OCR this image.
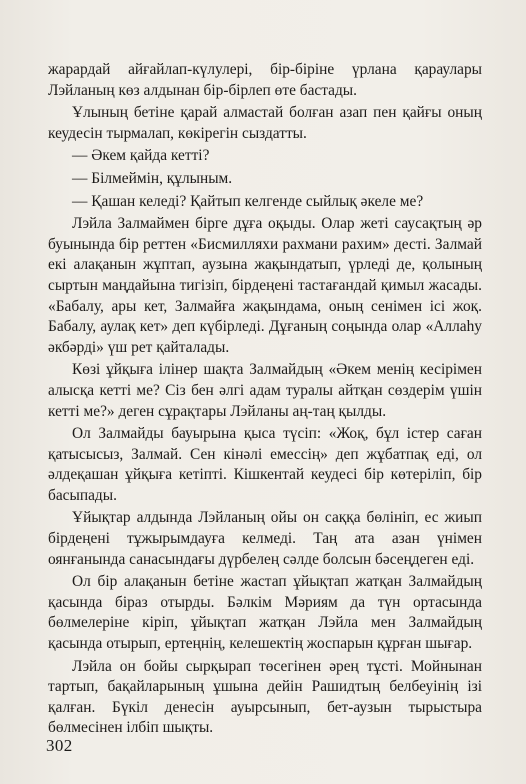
жарардай айғайлап-күлулері, бір-біріне үрлана қараулары Лэйланың көз алдынан бір-бірлеп өте бастады.

Ұлының бетіне қарай алмастай болған азап пен қайғы оның кеудесін тырмалап, көкірегін сыздатты.

— Әкем қайда кетті?

— Білмеймін, құлыным.

— Қашан келеді? Қайтып келгенде сыйлық әкеле ме?

Лэйла Залмаймен бірге дұға оқыды. Олар жеті саусақтың әр буынында бір реттен «Бисмилляхи рахмани рахим» десті. Залмай екі алақанын жұптап, аузына жақындатып, үрледі де, қолының сыртын маңдайына тигізіп, бірдеңені тастағандай қимыл жасады. «Бабалу, ары кет, Залмайға жақындама, оның сенімен ісі жоқ. Бабалу, аулақ кет» деп күбірледі. Дұғаның соңында олар «Аллаһу әкбәрді» үш рет қайталады.

Көзі ұйқыға ілінер шақта Залмайдың «Әкем менің кесірімен алысқа кетті ме? Сіз бен әлгі адам туралы айтқан сөздерім үшін кетті ме?» деген сұрақтары Лэйланы аң-таң қылды.

Ол Залмайды бауырына қыса түсіп: «Жоқ, бұл істер саған қатысысыз, Залмай. Сен кінәлі емессің» деп жұбатпақ еді, ол әлдеқашан ұйқыға кетіпті. Кішкентай кеудесі бір көтеріліп, бір басыпады.

Ұйықтар алдында Лэйланың ойы он саққа бөлініп, ес жиып бірдеңені тұжырымдауға келмеді. Таң ата азан үнімен оянғанында санасындағы дүрбелең сәлде болсын бәсеңдеген еді.

Ол бір алақанын бетіне жастап ұйықтап жатқан Залмайдың қасында біраз отырды. Бәлкім Мәриям да түн ортасында бөлмелеріне кіріп, ұйықтап жатқан Лэйла мен Залмайдың қасында отырып, ертеңнің, келешектің жоспарын құрған шығар.

Лэйла он бойы сырқырап төсегінен әрең тұсті. Мойнынан тартып, бақайларының ұшына дейін Рашидтың белбеуінің ізі қалған. Бүкіл денесін ауырсынып, бет-аузын тырыстыра бөлмесінен ілбіп шықты.

302
